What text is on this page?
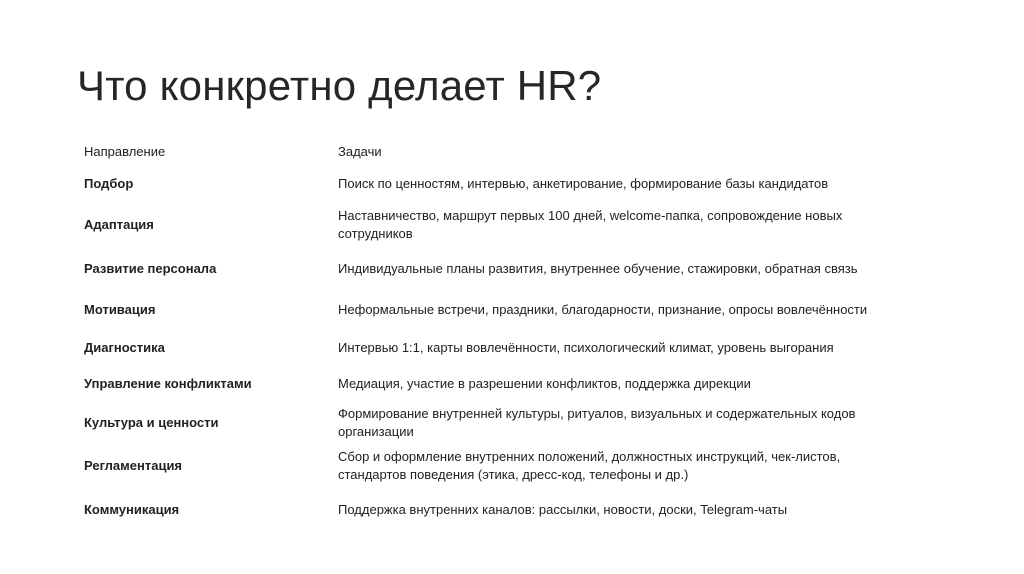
Что конкретно делает HR?
Направление	Задачи
Подбор	Поиск по ценностям, интервью, анкетирование, формирование базы кандидатов
Адаптация	Наставничество, маршрут первых 100 дней, welcome-папка, сопровождение новых сотрудников
Развитие персонала	Индивидуальные планы развития, внутреннее обучение, стажировки, обратная связь
Мотивация	Неформальные встречи, праздники, благодарности, признание, опросы вовлечённости
Диагностика	Интервью 1:1, карты вовлечённости, психологический климат, уровень выгорания
Управление конфликтами	Медиация, участие в разрешении конфликтов, поддержка дирекции
Культура и ценности	Формирование внутренней культуры, ритуалов, визуальных и содержательных кодов организации
Регламентация	Сбор и оформление внутренних положений, должностных инструкций, чек-листов, стандартов поведения (этика, дресс-код, телефоны и др.)
Коммуникация	Поддержка внутренних каналов: рассылки, новости, доски, Telegram-чаты
